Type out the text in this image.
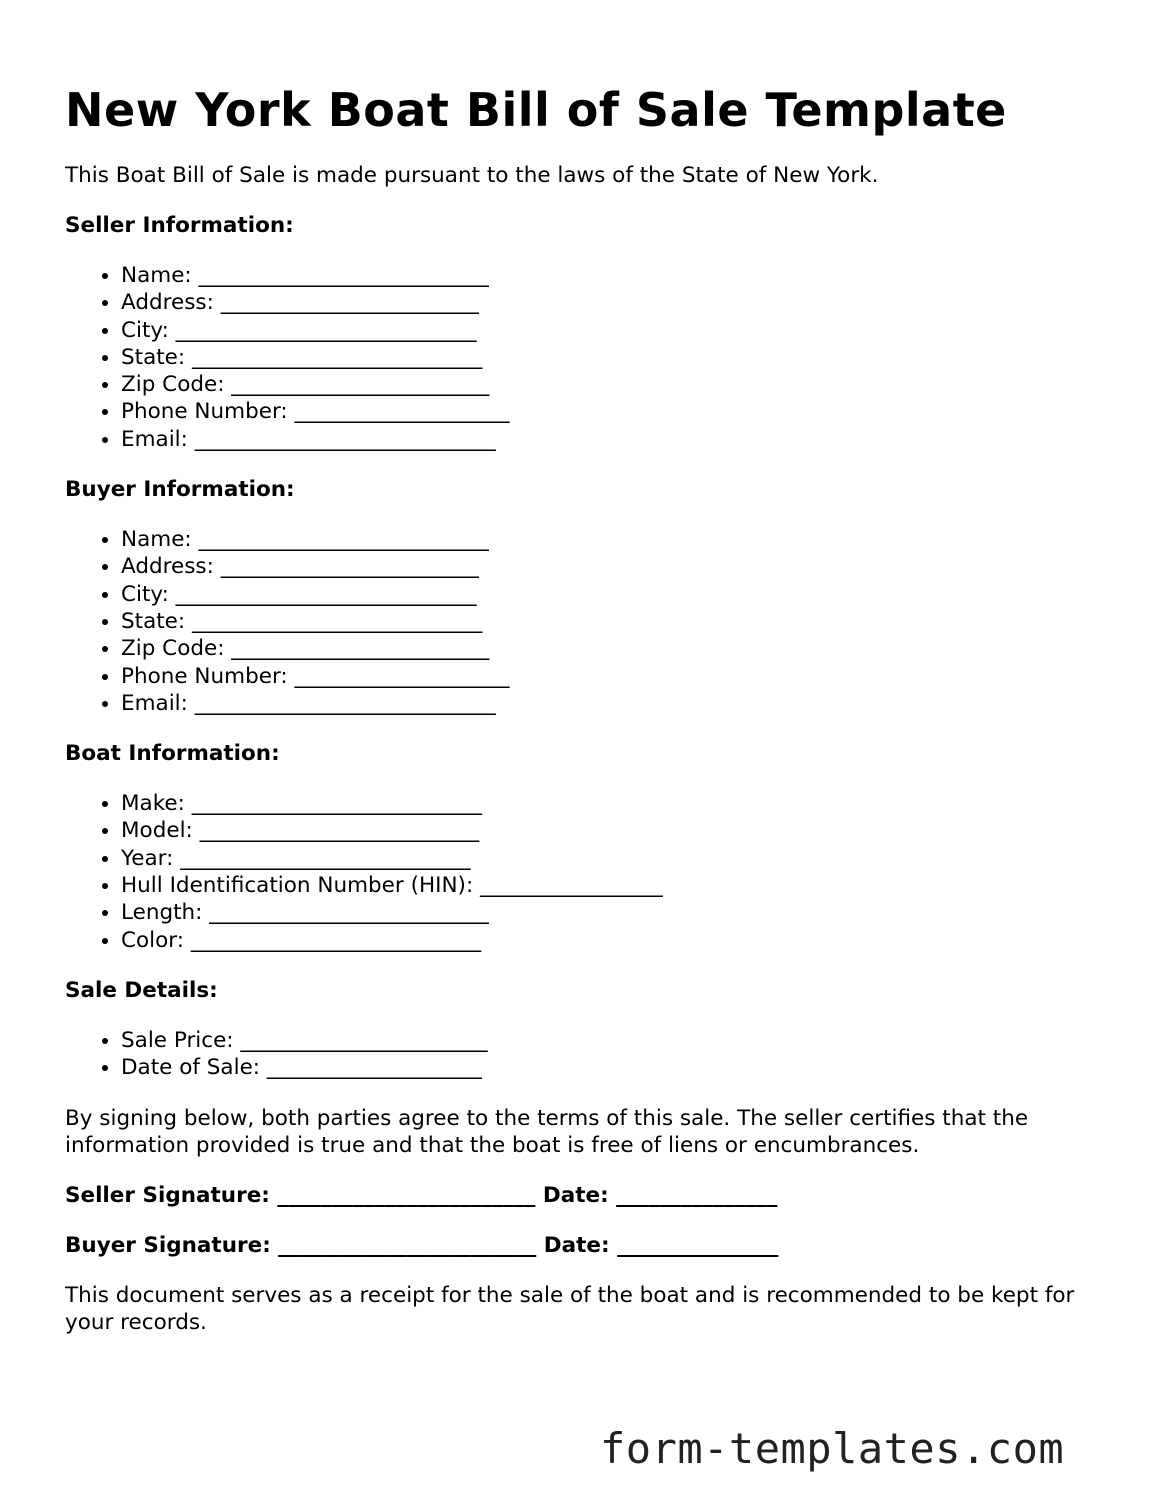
New York Boat Bill of Sale Template

This Boat Bill of Sale is made pursuant to the laws of the State of New York.

Seller Information:
• Name: ___________________________
• Address: ________________________
• City: ____________________________
• State: ___________________________
• Zip Code: ________________________
• Phone Number: ____________________
• Email: ____________________________
Buyer Information:
• Name: ___________________________
• Address: ________________________
• City: ____________________________
• State: ___________________________
• Zip Code: ________________________
• Phone Number: ____________________
• Email: ____________________________
Boat Information:
• Make: ___________________________
• Model: __________________________
• Year: ___________________________
• Hull Identification Number (HIN): _________________
• Length: __________________________
• Color: ___________________________
Sale Details:
• Sale Price: _______________________
• Date of Sale: ____________________

By signing below, both parties agree to the terms of this sale. The seller certifies that the information provided is true and that the boat is free of liens or encumbrances.

Seller Signature: ________________________ Date: _______________
Buyer Signature: ________________________ Date: _______________

This document serves as a receipt for the sale of the boat and is recommended to be kept for your records.

form-templates.com
